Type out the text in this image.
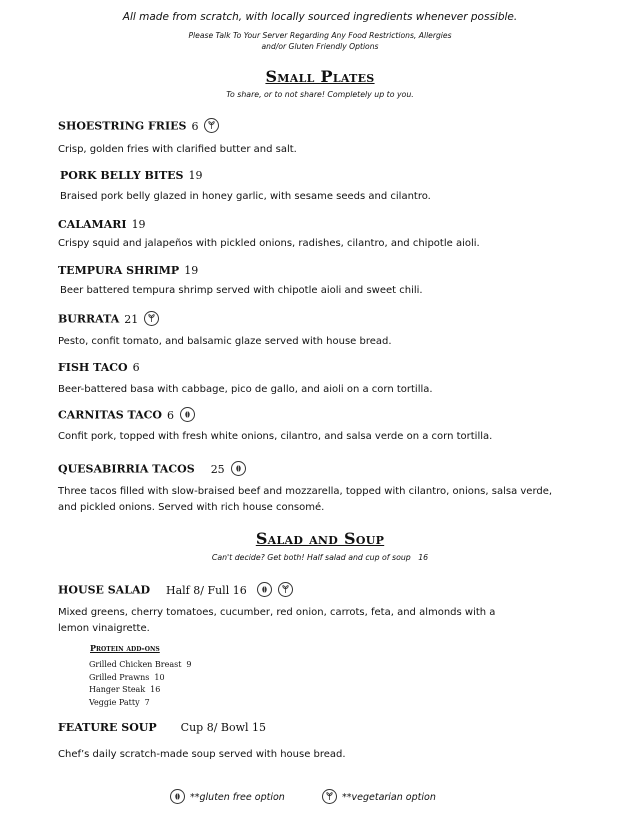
All made from scratch, with locally sourced ingredients whenever possible.
Please Talk To Your Server Regarding Any Food Restrictions, Allergies
and/or Gluten Friendly Options
Small Plates
To share, or to not share! Completely up to you.
SHOESTRING FRIES 6
Crisp, golden fries with clarified butter and salt.
PORK BELLY BITES 19
Braised pork belly glazed in honey garlic, with sesame seeds and cilantro.
CALAMARI 19
Crispy squid and jalapeños with pickled onions, radishes, cilantro, and chipotle aioli.
TEMPURA SHRIMP 19
Beer battered tempura shrimp served with chipotle aioli and sweet chili.
BURRATA 21
Pesto, confit tomato, and balsamic glaze served with house bread.
FISH TACO 6
Beer-battered basa with cabbage, pico de gallo, and aioli on a corn tortilla.
CARNITAS TACO 6
Confit pork, topped with fresh white onions, cilantro, and salsa verde on a corn tortilla.
QUESABIRRIA TACOS 25
Three tacos filled with slow-braised beef and mozzarella, topped with cilantro, onions, salsa verde, and pickled onions. Served with rich house consomé.
Salad and Soup
Can't decide? Get both! Half salad and cup of soup 16
HOUSE SALAD Half 8/ Full 16
Mixed greens, cherry tomatoes, cucumber, red onion, carrots, feta, and almonds with a lemon vinaigrette.
Protein add-ons
Grilled Chicken Breast 9
Grilled Prawns 10
Hanger Steak 16
Veggie Patty 7
FEATURE SOUP Cup 8/ Bowl 15
Chef’s daily scratch-made soup served with house bread.
**gluten free option	**vegetarian option
